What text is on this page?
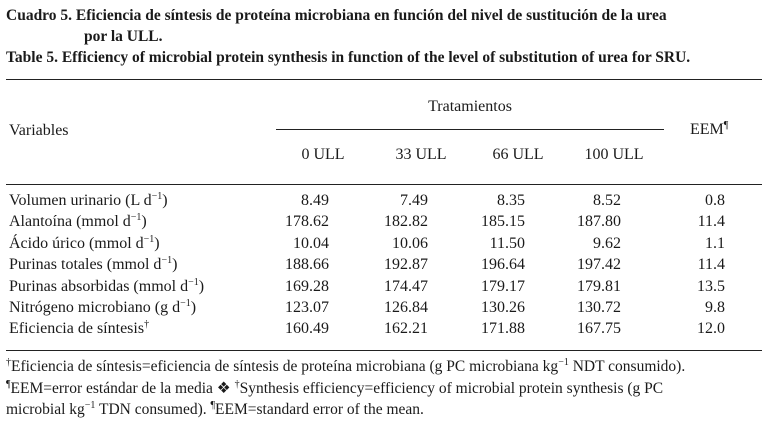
Cuadro 5. Eficiencia de síntesis de proteína microbiana en función del nivel de sustitución de la urea
por la ULL.
Table 5. Efficiency of microbial protein synthesis in function of the level of substitution of urea for SRU.
Variables
Tratamientos
EEM¶
0 ULL	33 ULL	66 ULL	100 ULL
Volumen urinario (L $d^{-1}$)	8.49	7.49	8.35	8.52	0.8
Alantoína (mmol $d^{-1}$)	178.62	182.82	185.15	187.80	11.4
Ácido úrico (mmol $d^{-1}$)	10.04	10.06	11.50	9.62	1.1
Purinas totales (mmol $d^{-1}$)	188.66	192.87	196.64	197.42	11.4
Purinas absorbidas (mmol $d^{-1}$)	169.28	174.47	179.17	179.81	13.5
Nitrógeno microbiano (g $d^{-1}$)	123.07	126.84	130.26	130.72	9.8
Eficiencia de síntesis†	160.49	162.21	171.88	167.75	12.0
†Eficiencia de síntesis=eficiencia de síntesis de proteína microbiana (g PC microbiana $kg^{-1}$ NDT consumido).
¶EEM=error estándar de la media ❖ †Synthesis efficiency=efficiency of microbial protein synthesis (g PC
microbial $kg^{-1}$ TDN consumed). ¶EEM=standard error of the mean.
